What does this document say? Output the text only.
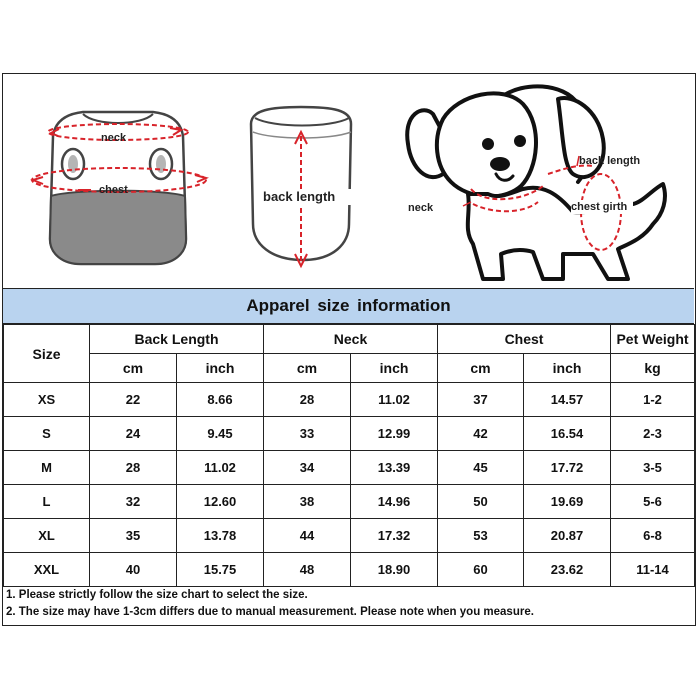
neck
chest	back length
back length
neck	chest girth
Apparel size information
Size	Back Length		Neck		Chest		Pet Weight
	cm	inch	cm	inch	cm	inch	kg
XS	22	8.66	28	11.02	37	14.57	1-2
S	24	9.45	33	12.99	42	16.54	2-3
M	28	11.02	34	13.39	45	17.72	3-5
L	32	12.60	38	14.96	50	19.69	5-6
XL	35	13.78	44	17.32	53	20.87	6-8
XXL	40	15.75	48	18.90	60	23.62	11-14
1. Please strictly follow the size chart to select the size.
2. The size may have 1-3cm differs due to manual measurement. Please note when you measure.
